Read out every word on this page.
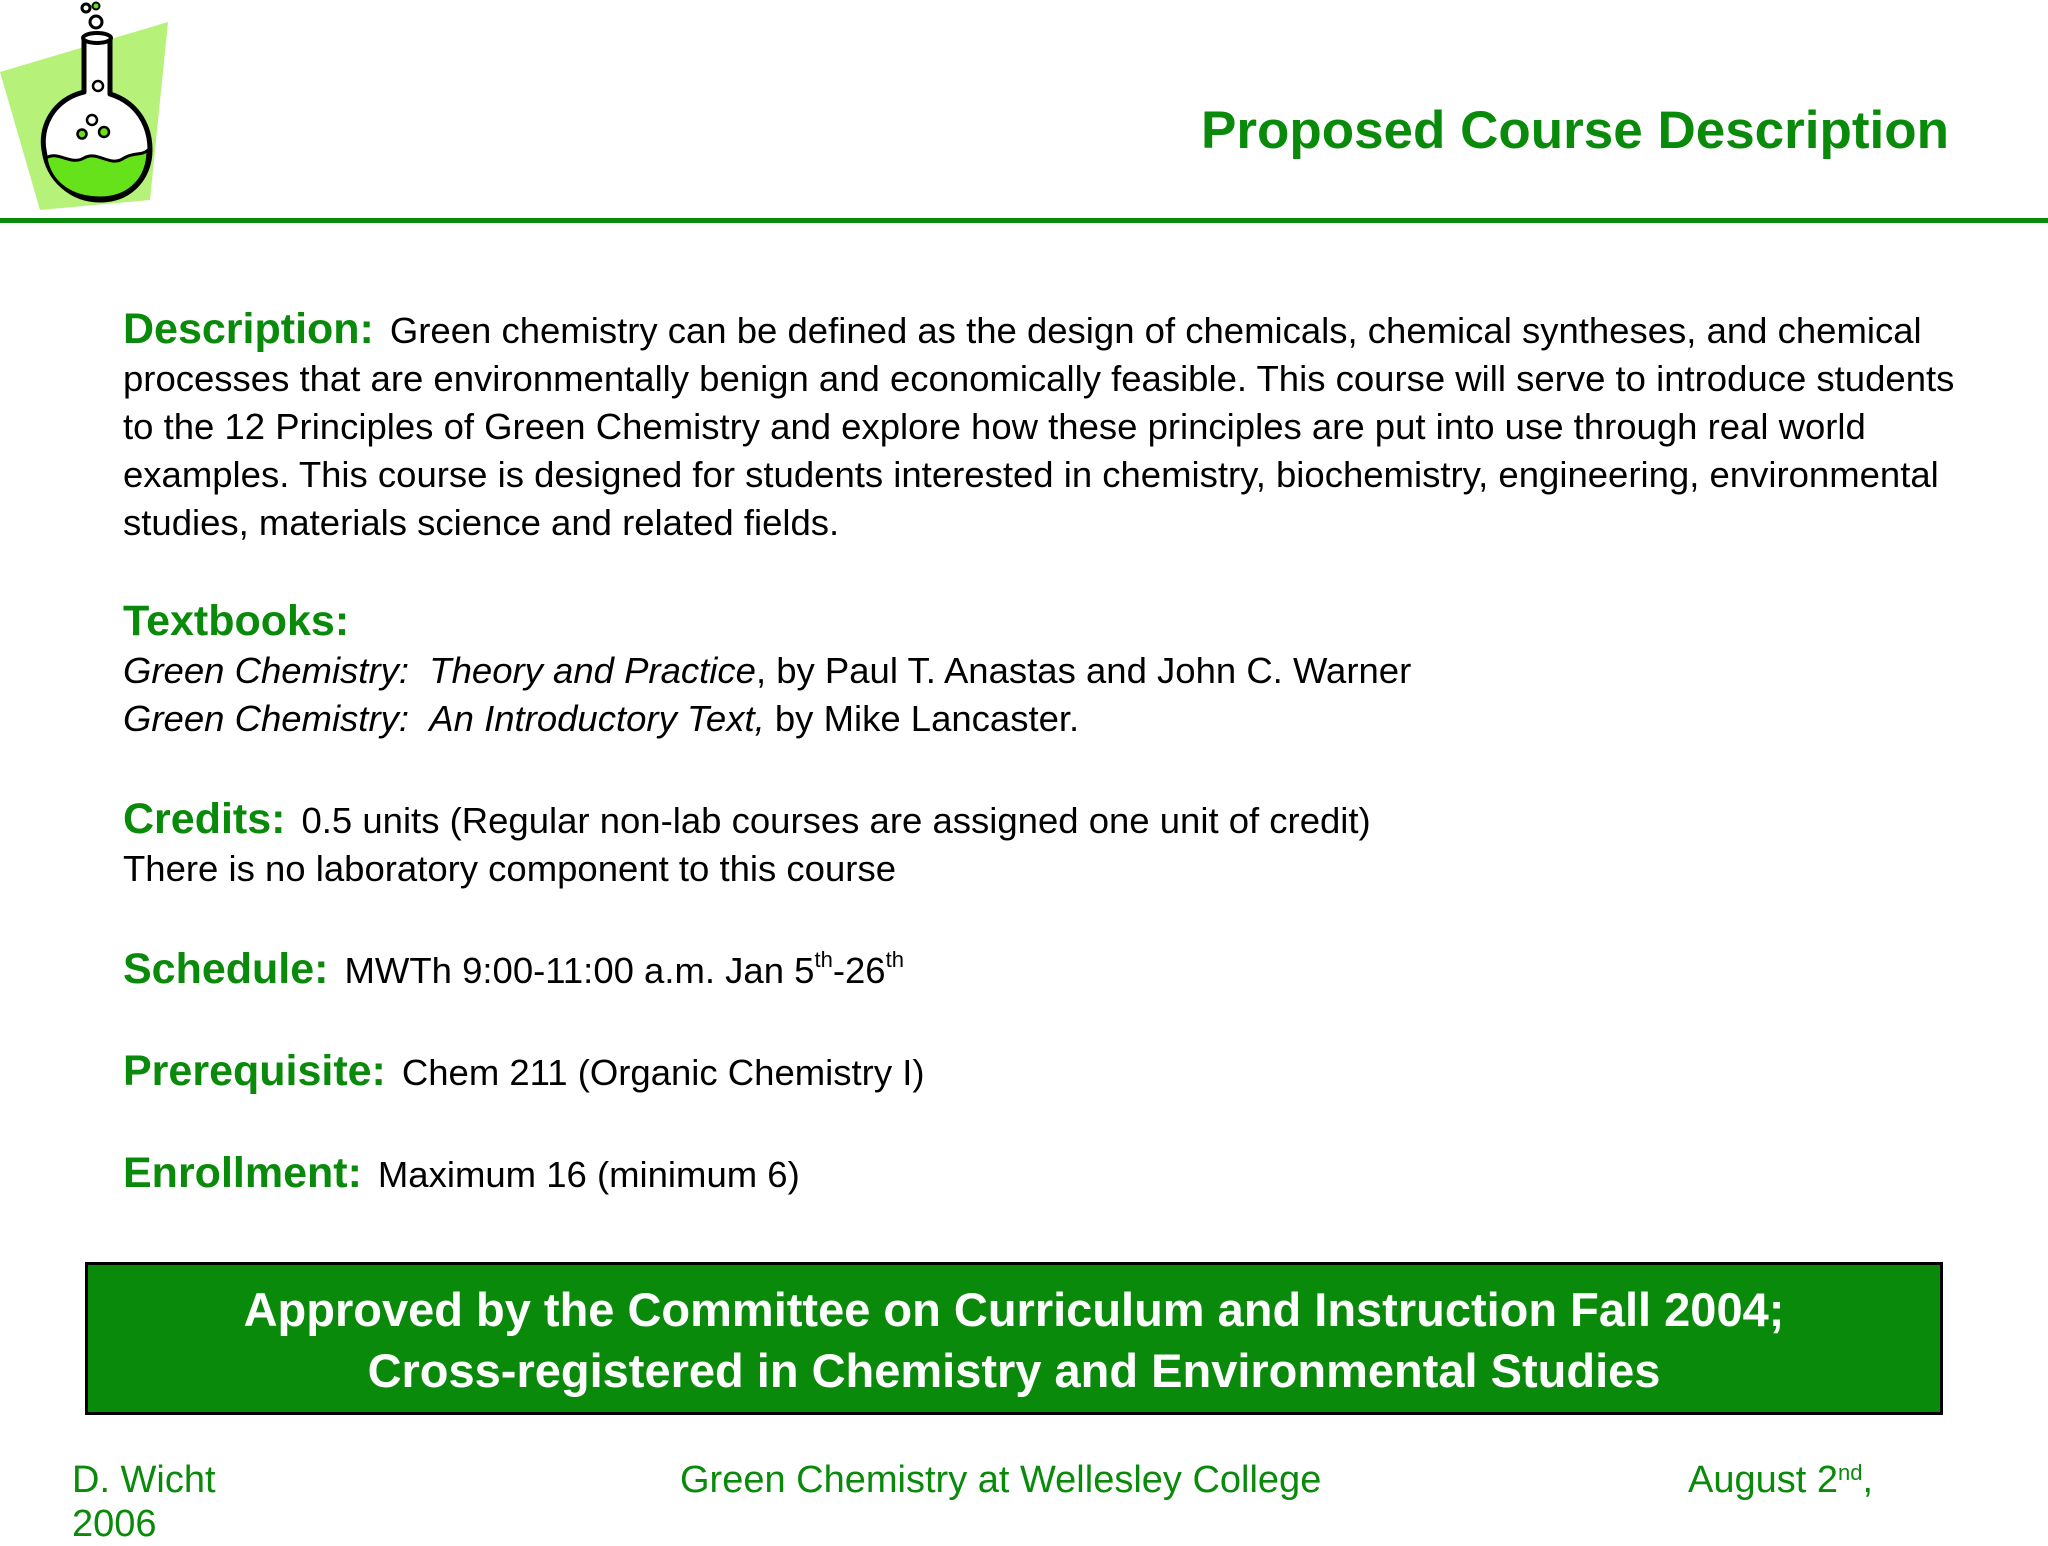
Proposed Course Description

Description: Green chemistry can be defined as the design of chemicals, chemical syntheses, and chemical processes that are environmentally benign and economically feasible. This course will serve to introduce students to the 12 Principles of Green Chemistry and explore how these principles are put into use through real world examples. This course is designed for students interested in chemistry, biochemistry, engineering, environmental studies, materials science and related fields.

Textbooks:
Green Chemistry: Theory and Practice, by Paul T. Anastas and John C. Warner
Green Chemistry: An Introductory Text, by Mike Lancaster.
Credits: 0.5 units (Regular non-lab courses are assigned one unit of credit)
There is no laboratory component to this course
Schedule: MWTh 9:00-11:00 a.m. Jan 5th-26th
Prerequisite: Chem 211 (Organic Chemistry I)
Enrollment: Maximum 16 (minimum 6)
Approved by the Committee on Curriculum and Instruction Fall 2004;
Cross-registered in Chemistry and Environmental Studies
D. Wicht
2006
Green Chemistry at Wellesley College	August 2nd,
